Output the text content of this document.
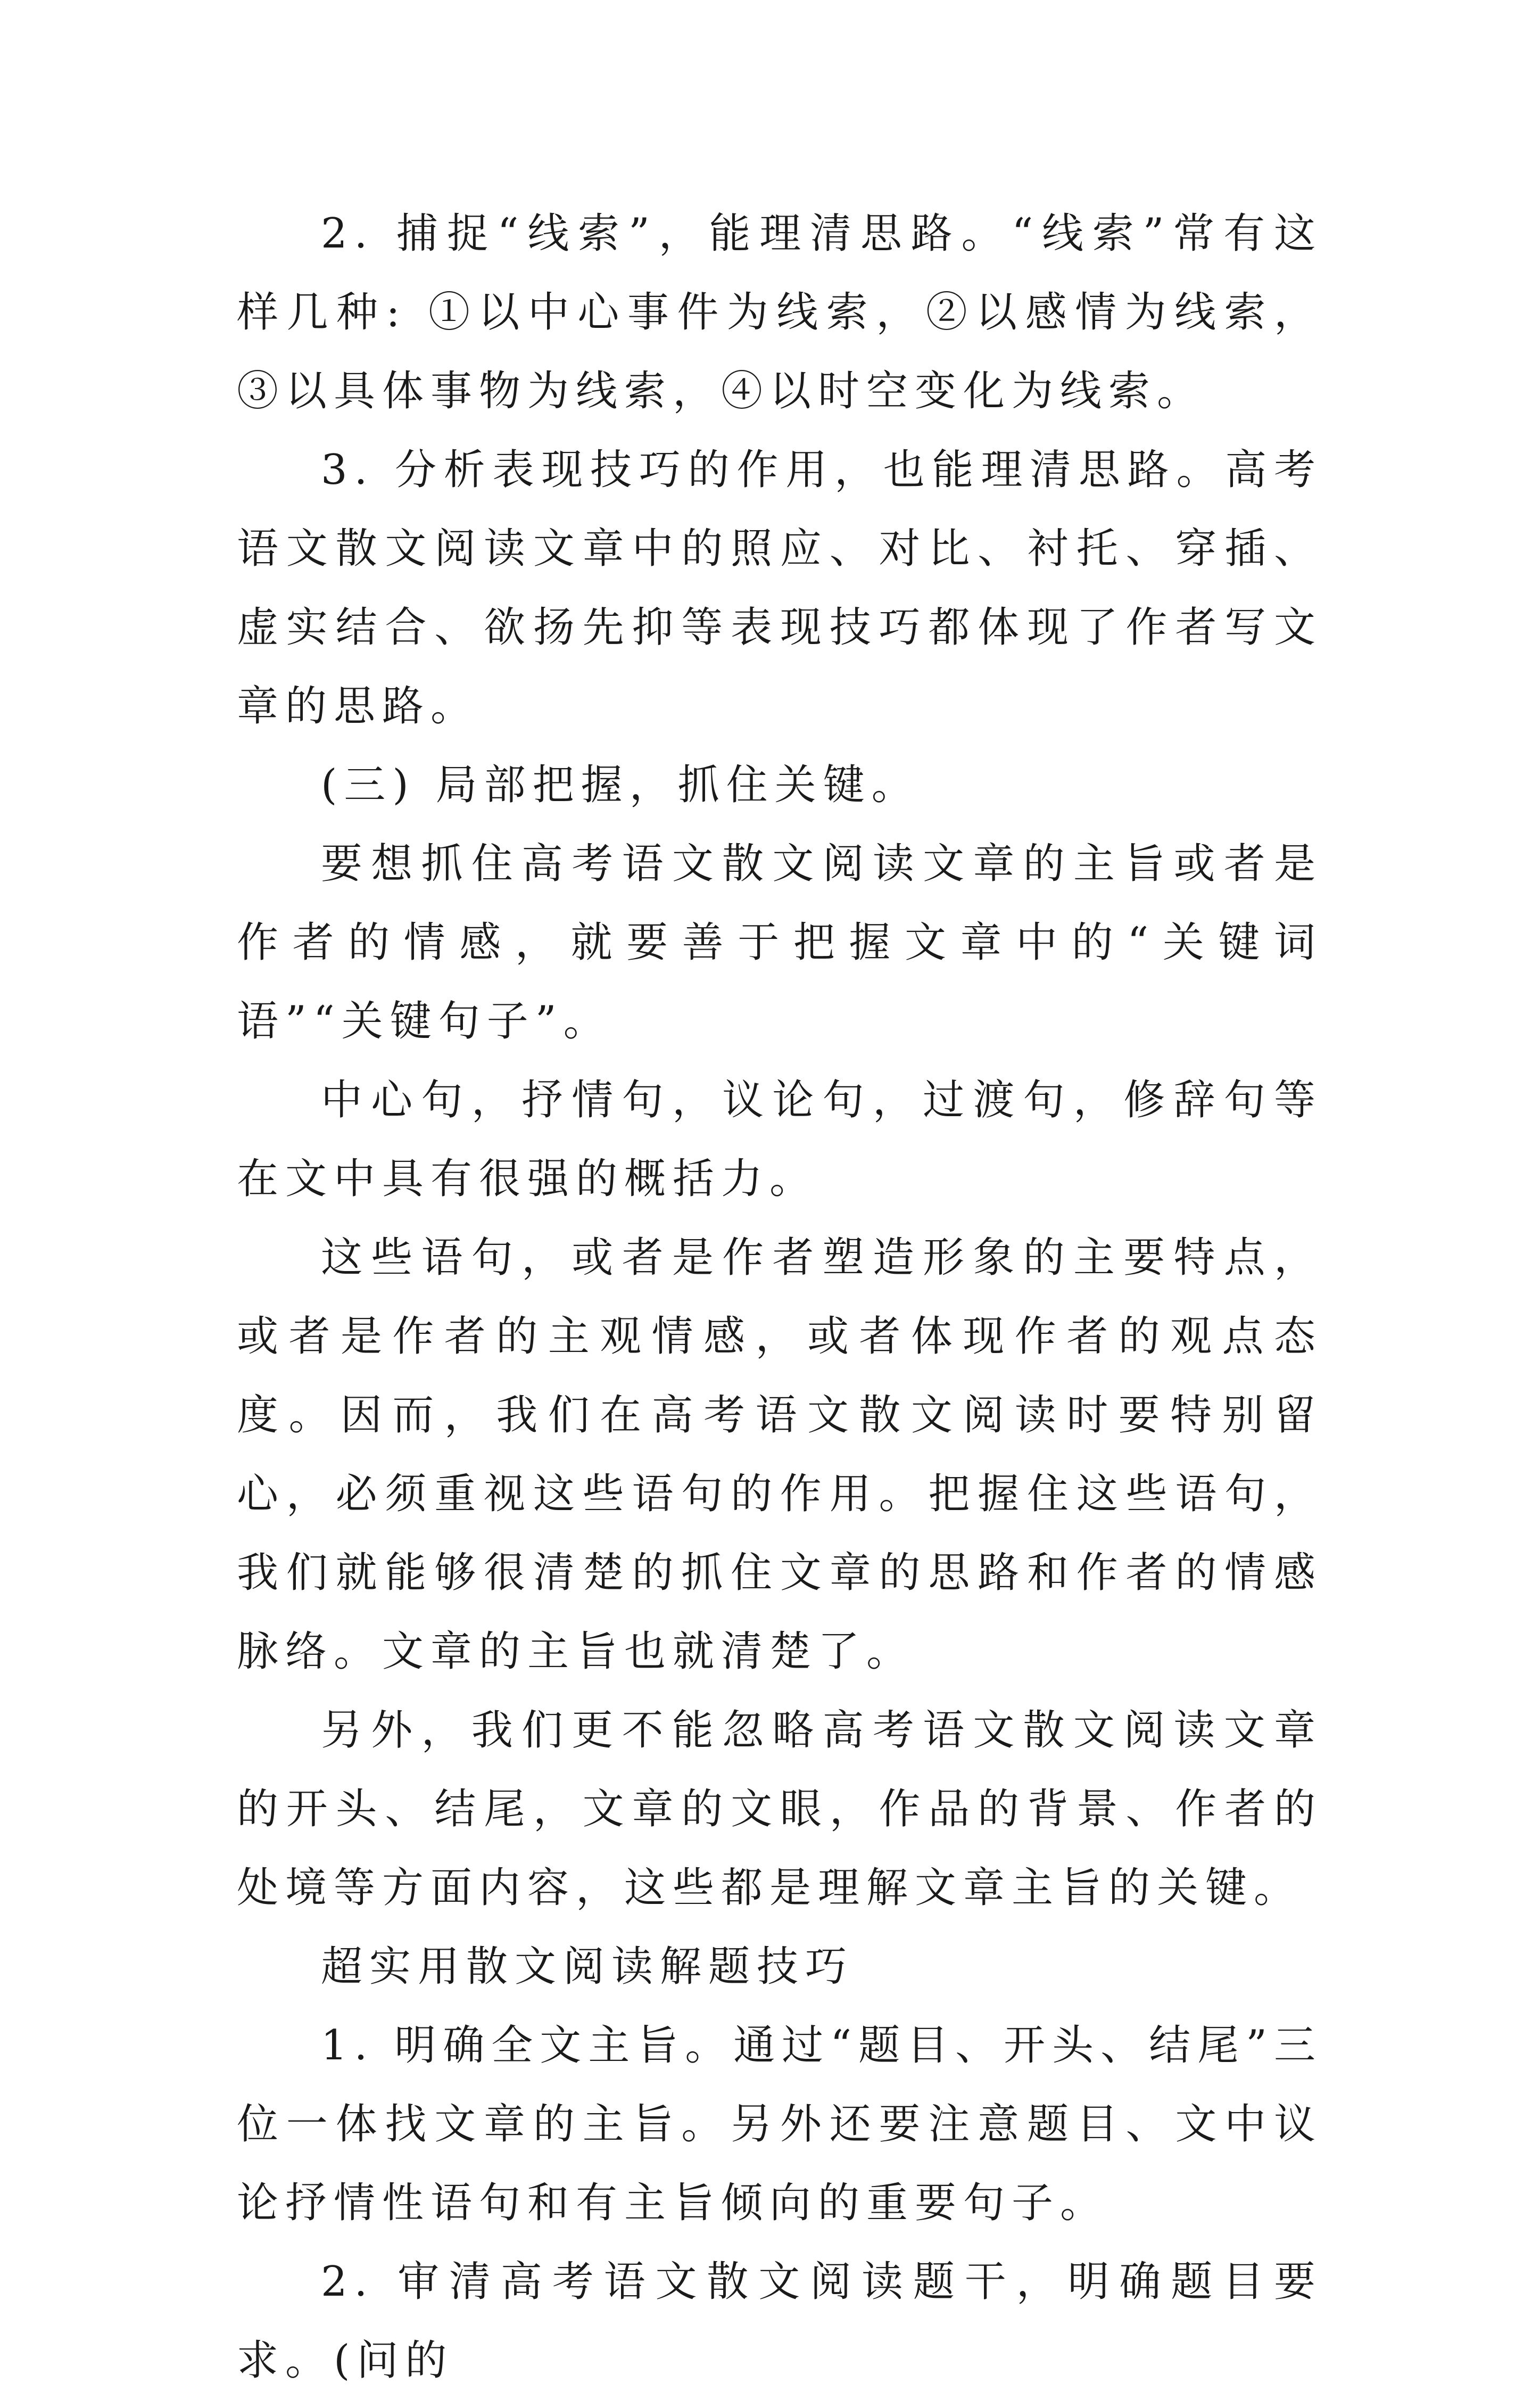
2. 捕捉“线索”，能理清思路。“线索”常有这样几种: ①以中心事件为线索，②以感情为线索，③以具体事物为线索，④以时空变化为线索。

3. 分析表现技巧的作用，也能理清思路。高考语文散文阅读文章中的照应、对比、衬托、穿插、虚实结合、欲扬先抑等表现技巧都体现了作者写文章的思路。

(三) 局部把握，抓住关键。

要想抓住高考语文散文阅读文章的主旨或者是作者的情感，就要善于把握文章中的“关键词语”“关键句子”。

中心句，抒情句，议论句，过渡句，修辞句等在文中具有很强的概括力。

这些语句，或者是作者塑造形象的主要特点，或者是作者的主观情感，或者体现作者的观点态度。因而，我们在高考语文散文阅读时要特别留心，必须重视这些语句的作用。把握住这些语句，我们就能够很清楚的抓住文章的思路和作者的情感脉络。文章的主旨也就清楚了。

另外，我们更不能忽略高考语文散文阅读文章的开头、结尾，文章的文眼，作品的背景、作者的处境等方面内容，这些都是理解文章主旨的关键。

超实用散文阅读解题技巧

1. 明确全文主旨。通过“题目、开头、结尾”三位一体找文章的主旨。另外还要注意题目、文中议论抒情性语句和有主旨倾向的重要句子。

2. 审清高考语文散文阅读题干，明确题目要求。(问的
